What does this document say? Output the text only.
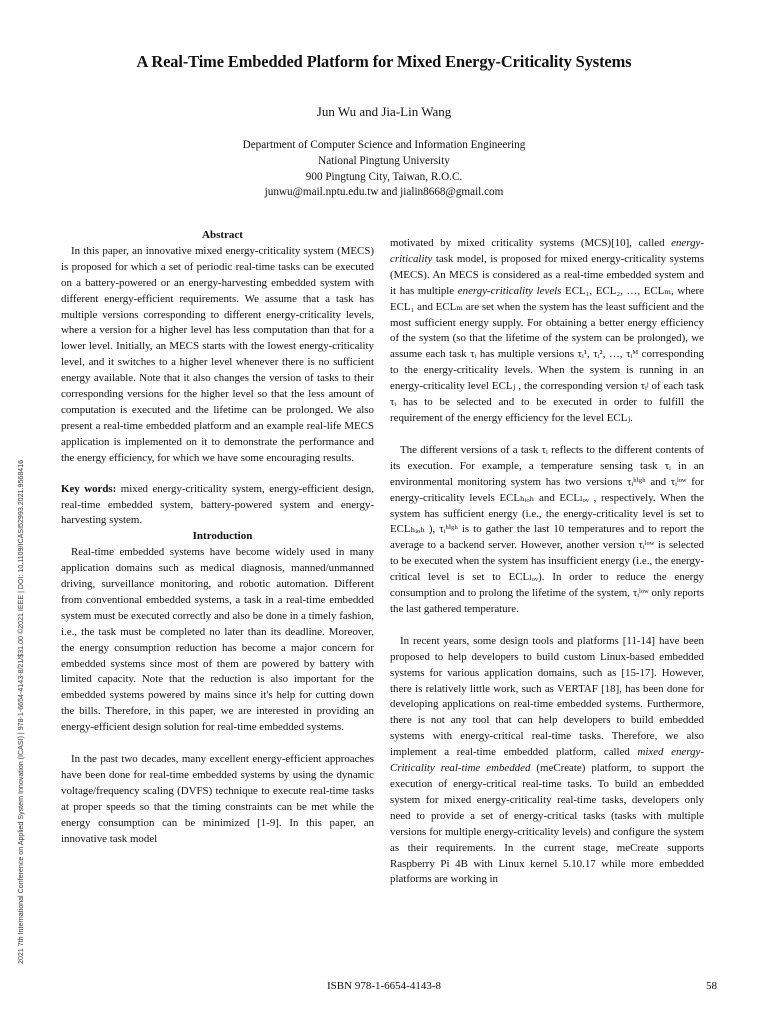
2021 7th International Conference on Applied System Innovation (ICASI) | 978-1-6654-4143-8/21/$31.00 ©2021 IEEE | DOI: 10.1109/ICASI52993.2021.9568416
A Real-Time Embedded Platform for Mixed Energy-Criticality Systems
Jun Wu and Jia-Lin Wang
Department of Computer Science and Information Engineering
National Pingtung University
900 Pingtung City, Taiwan, R.O.C.
junwu@mail.nptu.edu.tw and jialin8668@gmail.com

Abstract

In this paper, an innovative mixed energy-criticality system (MECS) is proposed for which a set of periodic real-time tasks can be executed on a battery-powered or an energy-harvesting embedded system with different energy-efficient requirements. We assume that a task has multiple versions corresponding to different energy-criticality levels, where a version for a higher level has less computation than that for a lower level. Initially, an MECS starts with the lowest energy-criticality level, and it switches to a higher level whenever there is no sufficient energy available. Note that it also changes the version of tasks to their corresponding versions for the higher level so that the less amount of computation is executed and the lifetime can be prolonged. We also present a real-time embedded platform and an example real-life MECS application is implemented on it to demonstrate the performance and the energy efficiency, for which we have some encouraging results.

Key words: mixed energy-criticality system, energy-efficient design, real-time embedded system, battery-powered system and energy-harvesting system.

Introduction

Real-time embedded systems have become widely used in many application domains such as medical diagnosis, manned/unmanned driving, surveillance monitoring, and robotic automation. Different from conventional embedded systems, a task in a real-time embedded system must be executed correctly and also be done in a timely fashion, i.e., the task must be completed no later than its deadline. Moreover, the energy consumption reduction has become a major concern for embedded systems since most of them are powered by battery with limited capacity. Note that the reduction is also important for the embedded systems powered by mains since it's help for cutting down the bills. Therefore, in this paper, we are interested in providing an energy-efficient design solution for real-time embedded systems.

In the past two decades, many excellent energy-efficient approaches have been done for real-time embedded systems by using the dynamic voltage/frequency scaling (DVFS) technique to execute real-time tasks at proper speeds so that the timing constraints can be met while the energy consumption can be minimized [1-9]. In this paper, an innovative task model

motivated by mixed criticality systems (MCS)[10], called energy-criticality task model, is proposed for mixed energy-criticality systems (MECS). An MECS is considered as a real-time embedded system and it has multiple energy-criticality levels ECL₁, ECL₂, …, ECLₘ, where ECL₁ and ECLₘ are set when the system has the least sufficient and the most sufficient energy supply. For obtaining a better energy efficiency of the system (so that the lifetime of the system can be prolonged), we assume each task τᵢ has multiple versions τᵢ¹, τᵢ², …, τᵢᴹ corresponding to the energy-criticality levels. When the system is running in an energy-criticality level ECLⱼ , the corresponding version τᵢʲ of each task τᵢ has to be selected and to be executed in order to fulfill the requirement of the energy efficiency for the level ECLⱼ.

The different versions of a task τᵢ reflects to the different contents of its execution. For example, a temperature sensing task τᵢ in an environmental monitoring system has two versions τᵢʰⁱᵍʰ and τᵢˡᵒʷ for energy-criticality levels ECLₕᵢₒₕ and ECLₗₒᵥ , respectively. When the system has sufficient energy (i.e., the energy-criticality level is set to ECLₕᵢₒₕ ), τᵢʰⁱᵍʰ is to gather the last 10 temperatures and to report the average to a backend server. However, another version τᵢˡᵒʷ is selected to be executed when the system has insufficient energy (i.e., the energy-critical level is set to ECLₗₒᵥ). In order to reduce the energy consumption and to prolong the lifetime of the system, τᵢˡᵒʷ only reports the last gathered temperature.

In recent years, some design tools and platforms [11-14] have been proposed to help developers to build custom Linux-based embedded systems for various application domains, such as [15-17]. However, there is relatively little work, such as VERTAF [18], has been done for developing applications on real-time embedded systems. Furthermore, there is not any tool that can help developers to build embedded systems with energy-critical real-time tasks. Therefore, we also implement a real-time embedded platform, called mixed energy-Criticality real-time embedded (meCreate) platform, to support the execution of energy-critical real-time tasks. To build an embedded system for mixed energy-criticality real-time tasks, developers only need to provide a set of energy-critical tasks (tasks with multiple versions for multiple energy-criticality levels) and configure the system as their requirements. In the current stage, meCreate supports Raspberry Pi 4B with Linux kernel 5.10.17 while more embedded platforms are working in

ISBN 978-1-6654-4143-8	58
